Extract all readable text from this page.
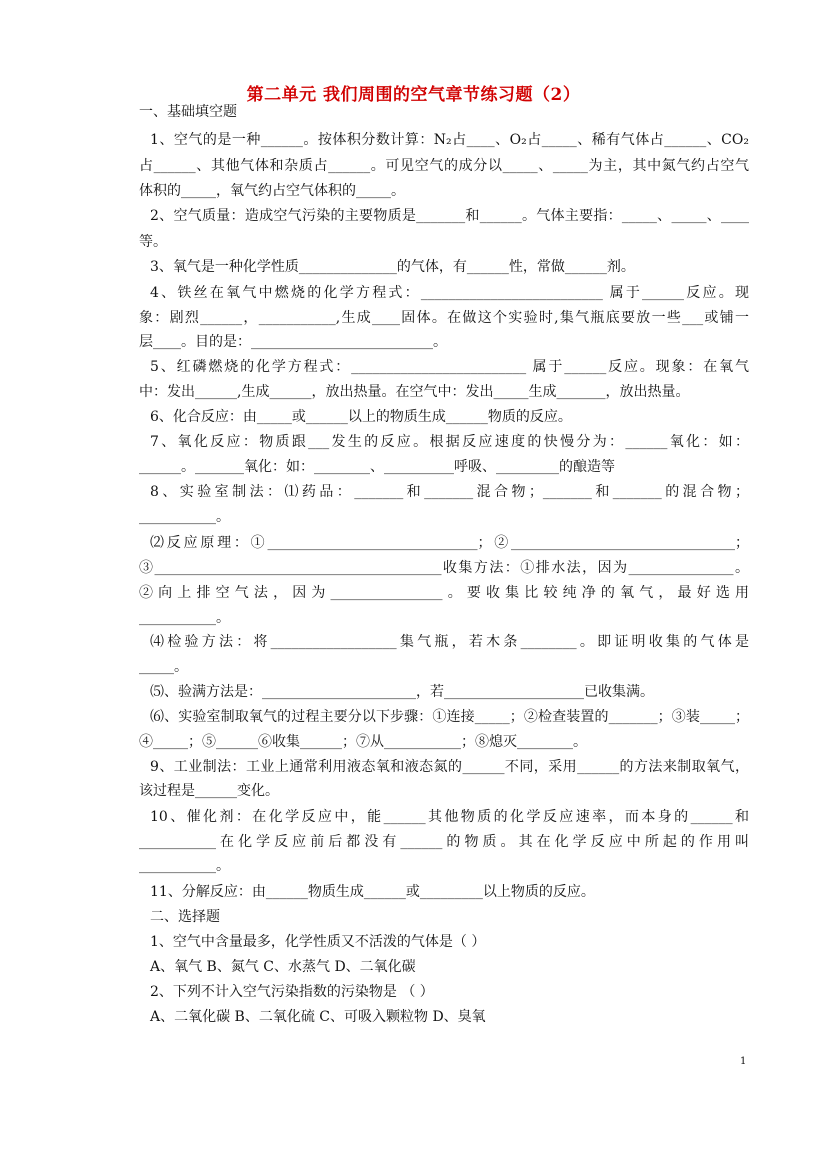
第二单元 我们周围的空气章节练习题（2）
一、基础填空题
1、空气的是一种______。按体积分数计算：N₂占____、O₂占_____、稀有气体占______、CO₂
占______、其他气体和杂质占______。可见空气的成分以_____、_____为主，其中氮气约占空气
体积的_____，氧气约占空气体积的_____。
2、空气质量：造成空气污染的主要物质是_______和______。气体主要指：_____、_____、____
等。
3、氧气是一种化学性质______________的气体，有______性，常做______剂。
4、铁丝在氧气中燃烧的化学方程式：__________________________ 属于______反应。现
象：剧烈______，___________,生成____固体。在做这个实验时,集气瓶底要放一些___或铺一
层____。目的是：__________________________。
5、红磷燃烧的化学方程式：_________________________ 属于______反应。现象：在氧气
中：发出______,生成______，放出热量。在空气中：发出_____生成_______，放出热量。
6、化合反应：由_____或______以上的物质生成______物质的反应。
7、氧化反应：物质跟___发生的反应。根据反应速度的快慢分为：______氧化：如：
______。_______氧化：如：________、__________呼吸、_________的酿造等
8、实验室制法：⑴药品：_______和_______混合物；_______和_______的混合物；
___________。
⑵反应原理：①______________________________；②________________________________；
③_________________________________________收集方法：①排水法，因为_______________。
②向上排空气法，因为________________。要收集比较纯净的氧气，最好选用
___________。
⑷检验方法：将__________________集气瓶，若木条________。即证明收集的气体是
_____。
⑸、验满方法是：______________________，若____________________已收集满。
⑹、实验室制取氧气的过程主要分以下步骤：①连接_____；②检查装置的_______；③装_____；
④_____；⑤______⑥收集______；⑦从___________；⑧熄灭________。
9、工业制法：工业上通常利用液态氧和液态氮的______不同，采用______的方法来制取氧气，
该过程是______变化。
10、催化剂：在化学反应中，能______其他物质的化学反应速率，而本身的______和
___________在化学反应前后都没有______的物质。其在化学反应中所起的作用叫
___________。
11、分解反应：由______物质生成______或_________以上物质的反应。
二、选择题
1、空气中含量最多，化学性质又不活泼的气体是（ ）
A、氧气 B、氮气 C、水蒸气 D、二氧化碳
2、下列不计入空气污染指数的污染物是 （ ）
A、二氧化碳 B、二氧化硫 C、可吸入颗粒物 D、臭氧
1
